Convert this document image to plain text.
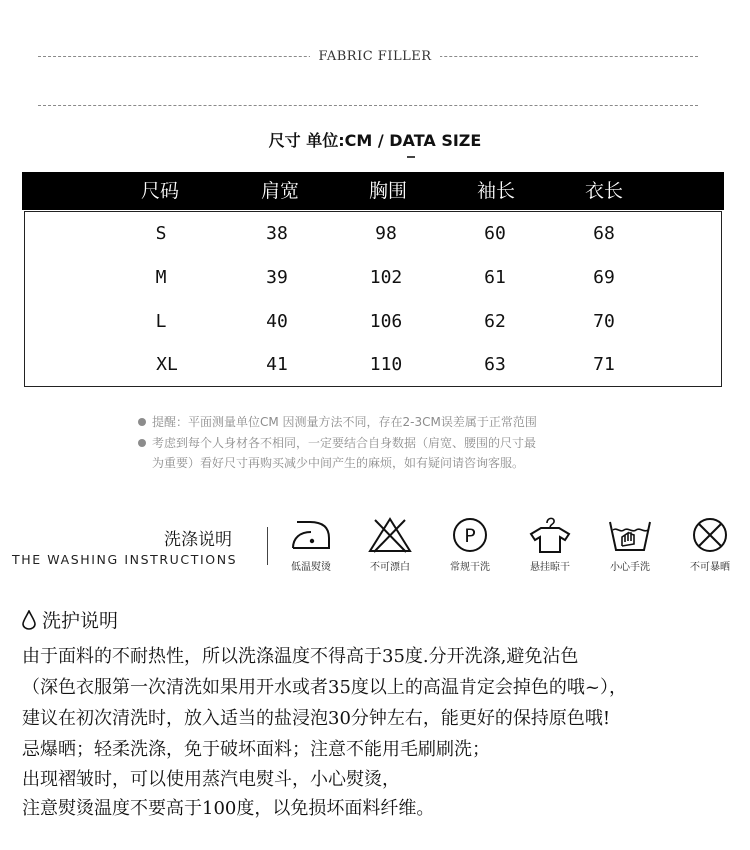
FABRIC FILLER
尺寸 单位:CM / DATA SIZE
尺码	肩宽	胸围	袖长	衣长
S	38	98	60	68
M	39	102	61	69
L	40	106	62	70
XL	41	110	63	71
提醒：平面测量单位CM 因测量方法不同，存在2-3CM误差属于正常范围
考虑到每个人身材各不相同，一定要结合自身数据（肩宽、腰围的尺寸最
为重要）看好尺寸再购买减少中间产生的麻烦，如有疑问请咨询客服。
洗涤说明
THE WASHING INSTRUCTIONS
低温熨烫	不可漂白
P
常规干洗	悬挂晾干	小心手洗	不可暴晒
洗护说明
由于面料的不耐热性，所以洗涤温度不得高于35度.分开洗涤,避免沾色
（深色衣服第一次清洗如果用开水或者35度以上的高温肯定会掉色的哦~），
建议在初次清洗时，放入适当的盐浸泡30分钟左右，能更好的保持原色哦!
忌爆晒；轻柔洗涤，免于破坏面料；注意不能用毛刷刷洗；
出现褶皱时，可以使用蒸汽电熨斗，小心熨烫，
注意熨烫温度不要高于100度，以免损坏面料纤维。
